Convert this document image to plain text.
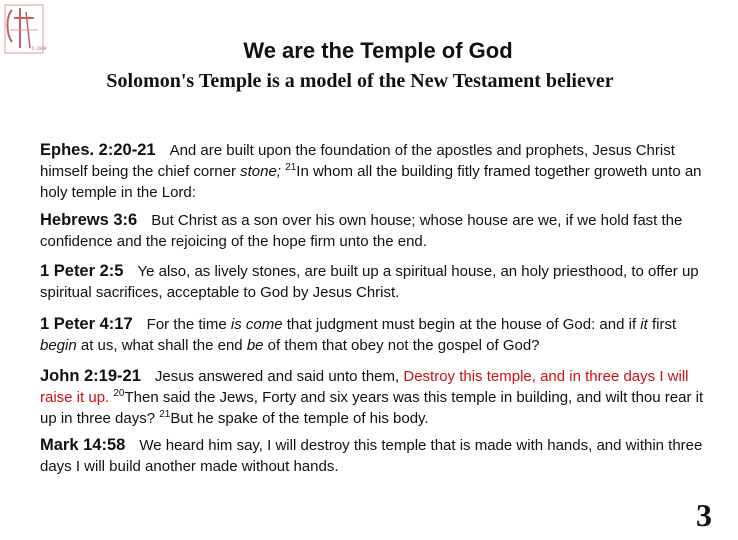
© 2009	We are the Temple of God
Solomon's Temple is a model of the New Testament believer
Ephes. 2:20-21 And are built upon the foundation of the apostles and prophets, Jesus Christ himself being the chief corner stone; $^{21}$In whom all the building fitly framed together groweth unto an holy temple in the Lord:
Hebrews 3:6 But Christ as a son over his own house; whose house are we, if we hold fast the confidence and the rejoicing of the hope firm unto the end.
1 Peter 2:5 Ye also, as lively stones, are built up a spiritual house, an holy priesthood, to offer up spiritual sacrifices, acceptable to God by Jesus Christ.
1 Peter 4:17 For the time is come that judgment must begin at the house of God: and if it first begin at us, what shall the end be of them that obey not the gospel of God?
John 2:19-21 Jesus answered and said unto them, Destroy this temple, and in three days I will raise it up. $^{20}$Then said the Jews, Forty and six years was this temple in building, and wilt thou rear it up in three days? $^{21}$But he spake of the temple of his body.
Mark 14:58 We heard him say, I will destroy this temple that is made with hands, and within three days I will build another made without hands.
3
